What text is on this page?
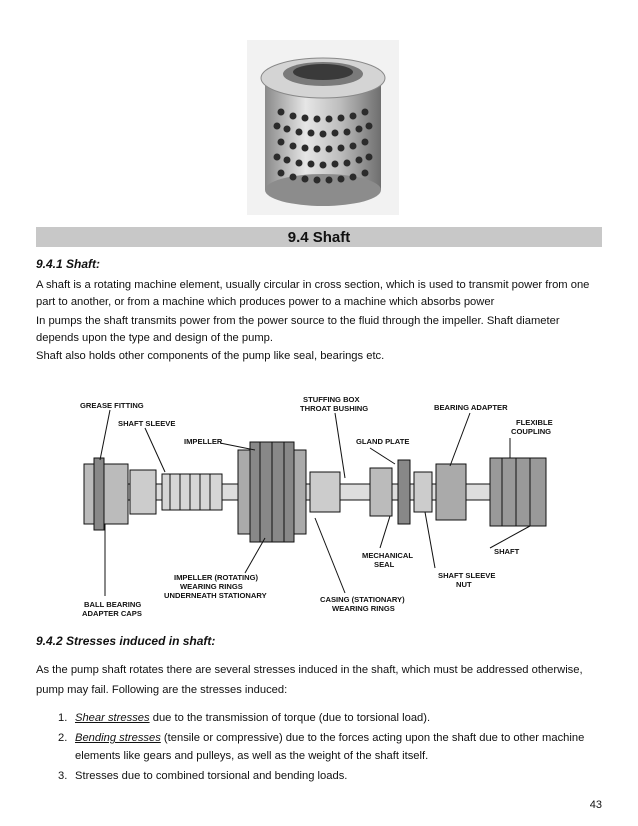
9.4 Shaft
9.4.1 Shaft:
A shaft is a rotating machine element, usually circular in cross section, which is used to transmit power from one part to another, or from a machine which produces power to a machine which absorbs power
In pumps the shaft transmits power from the power source to the fluid through the impeller. Shaft diameter depends upon the type and design of the pump.
Shaft also holds other components of the pump like seal, bearings etc.
GREASE FITTING
SHAFT SLEEVE
IMPELLER
STUFFING BOX
THROAT BUSHING
GLAND PLATE
BEARING ADAPTER
FLEXIBLE
COUPLING
SHAFT
MECHANICAL
SEAL
SHAFT SLEEVE
NUT
IMPELLER (ROTATING)
WEARING RINGS
UNDERNEATH STATIONARY	CASING (STATIONARY)
WEARING RINGS
BALL BEARING
ADAPTER CAPS
9.4.2 Stresses induced in shaft:
As the pump shaft rotates there are several stresses induced in the shaft, which must be addressed otherwise, pump may fail. Following are the stresses induced:
1. Shear stresses due to the transmission of torque (due to torsional load).
2. Bending stresses (tensile or compressive) due to the forces acting upon the shaft due to other machine elements like gears and pulleys, as well as the weight of the shaft itself.
3. Stresses due to combined torsional and bending loads.
43
